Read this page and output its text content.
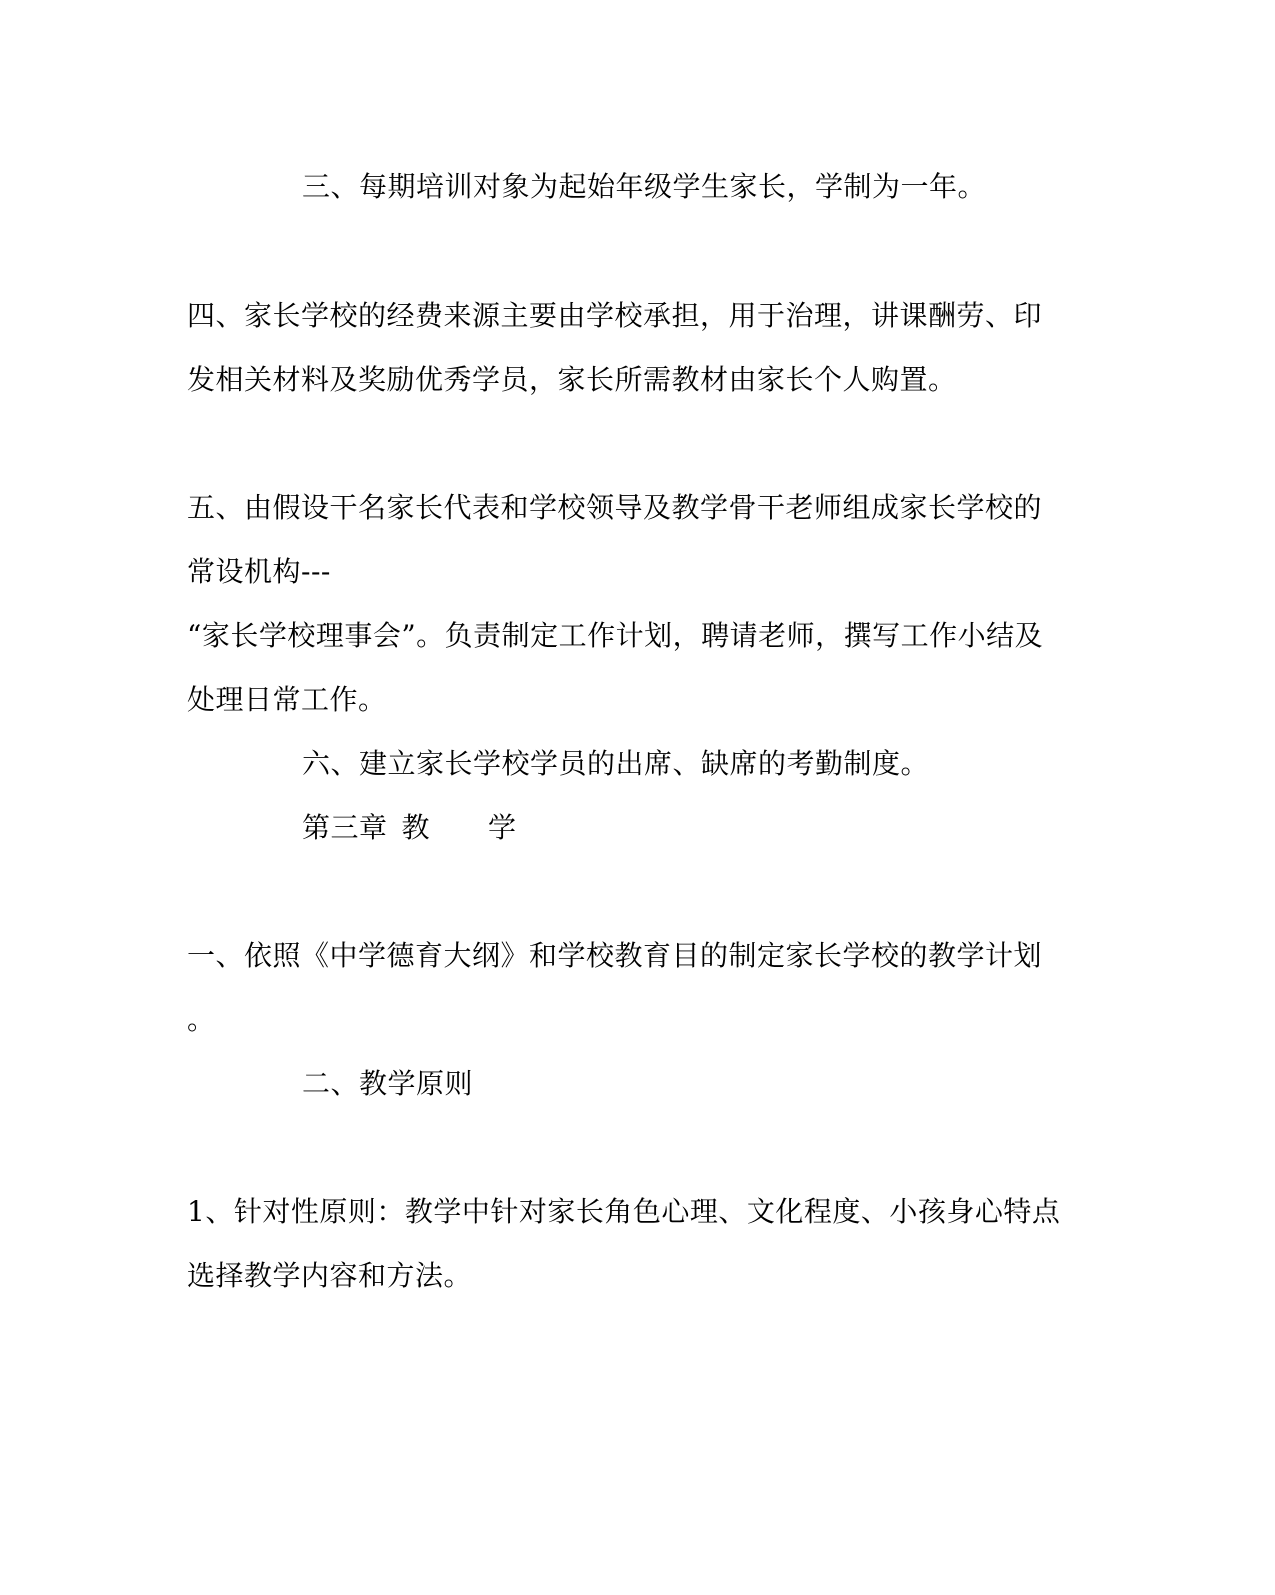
三、每期培训对象为起始年级学生家长，学制为一年。
四、家长学校的经费来源主要由学校承担，用于治理，讲课酬劳、印
发相关材料及奖励优秀学员，家长所需教材由家长个人购置。
五、由假设干名家长代表和学校领导及教学骨干老师组成家长学校的
常设机构---
“家长学校理事会”。负责制定工作计划，聘请老师，撰写工作小结及
处理日常工作。
六、建立家长学校学员的出席、缺席的考勤制度。
第三章 教 学
一、依照《中学德育大纲》和学校教育目的制定家长学校的教学计划
。
二、教学原则
1、针对性原则：教学中针对家长角色心理、文化程度、小孩身心特点
选择教学内容和方法。
